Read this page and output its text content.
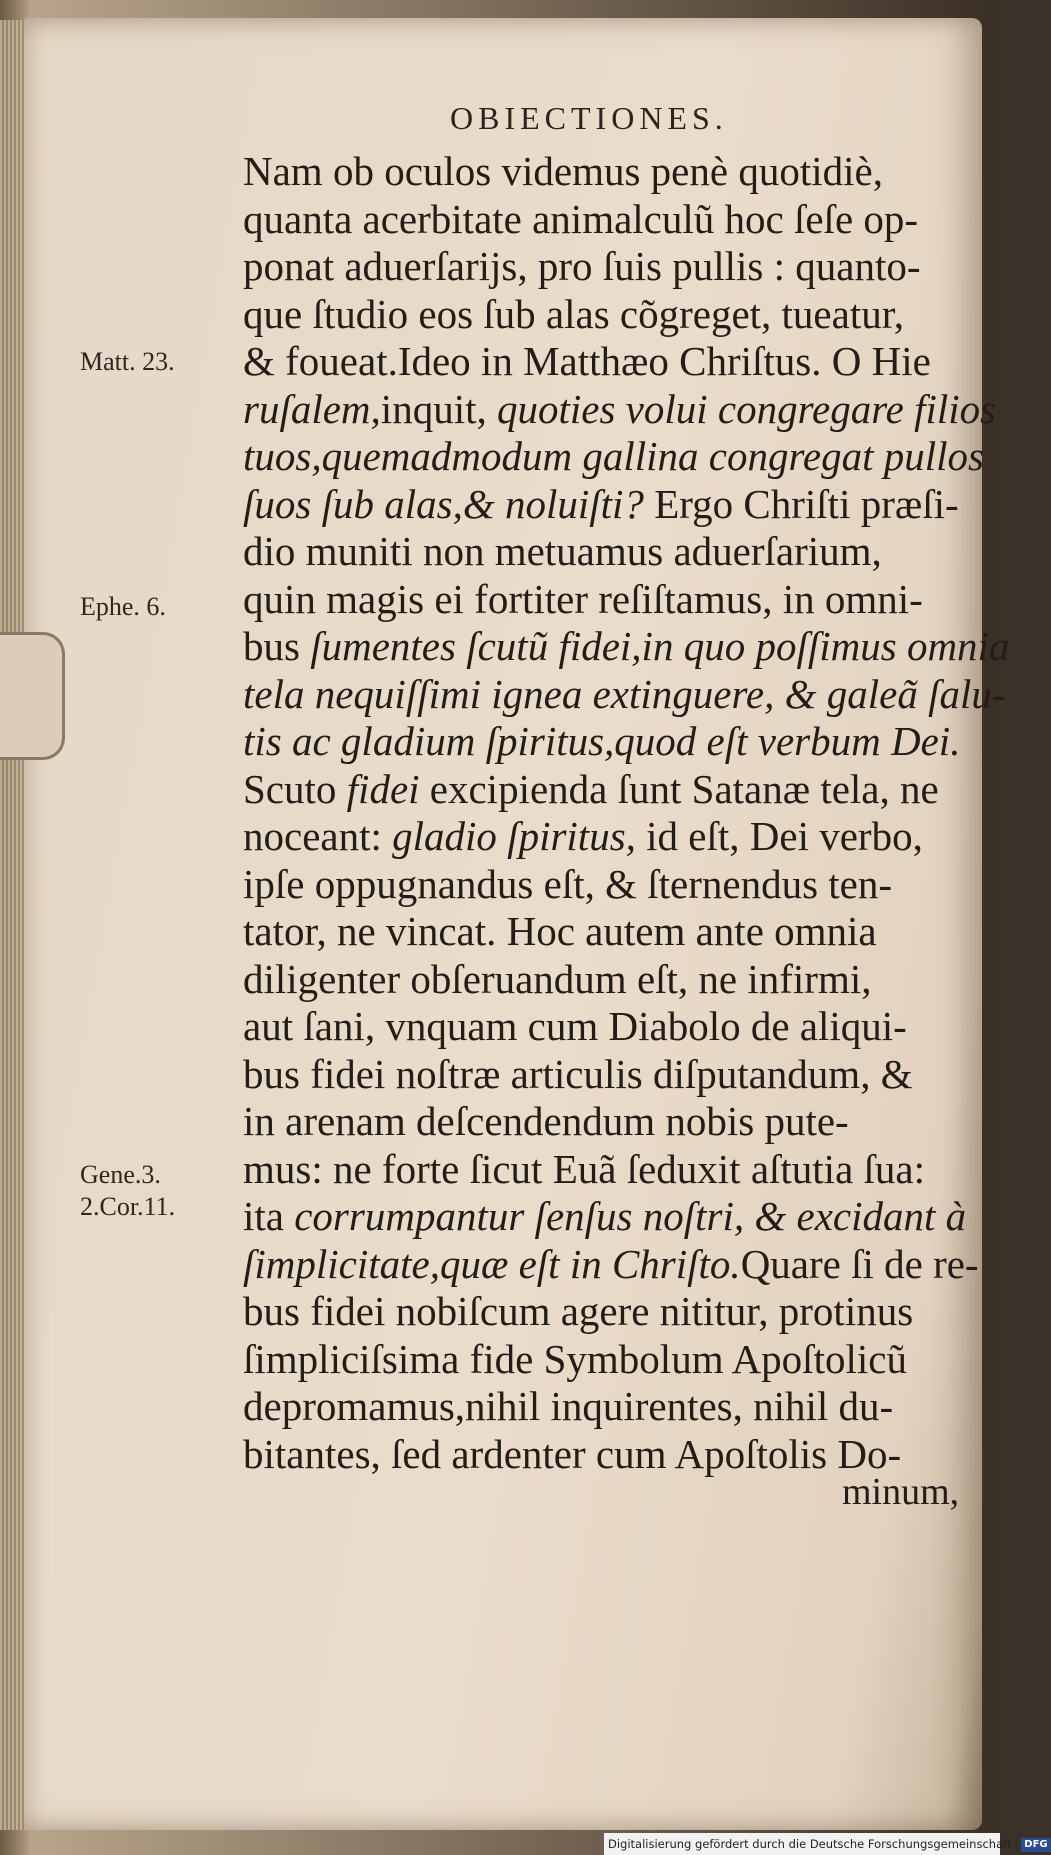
OBIECTIONES.
Matt. 23.
Ephe. 6.
Gene.3.
2.Cor.11.
Nam ob oculos videmus penè quotidiè,
quanta acerbitate animalculũ hoc ſeſe op-
ponat aduerſarijs, pro ſuis pullis : quanto-
que ſtudio eos ſub alas cõgreget, tueatur,
& foueat.Ideo in Matthæo Chriſtus. O Hie
ruſalem,inquit, quoties volui congregare filios
tuos,quemadmodum gallina congregat pullos
ſuos ſub alas,& noluiſti? Ergo Chriſti præſi-
dio muniti non metuamus aduerſarium,
quin magis ei fortiter reſiſtamus, in omni-
bus ſumentes ſcutũ fidei,in quo poſſimus omnia
tela nequiſſimi ignea extinguere, & galeã ſalu-
tis ac gladium ſpiritus,quod eſt verbum Dei.
Scuto fidei excipienda ſunt Satanæ tela, ne
noceant: gladio ſpiritus, id eſt, Dei verbo,
ipſe oppugnandus eſt, & ſternendus ten-
tator, ne vincat. Hoc autem ante omnia
diligenter obſeruandum eſt, ne infirmi,
aut ſani, vnquam cum Diabolo de aliqui-
bus fidei noſtræ articulis diſputandum, &
in arenam deſcendendum nobis pute-
mus: ne forte ſicut Euã ſeduxit aſtutia ſua:
ita corrumpantur ſenſus noſtri, & excidant à
ſimplicitate,quæ eſt in Chriſto.Quare ſi de re-
bus fidei nobiſcum agere nititur, protinus
ſimpliciſsima fide Symbolum Apoſtolicũ
depromamus,nihil inquirentes, nihil du-
bitantes, ſed ardenter cum Apoſtolis Do-
minum,
Digitalisierung gefördert durch die Deutsche Forschungsgemeinschaft - DFG
